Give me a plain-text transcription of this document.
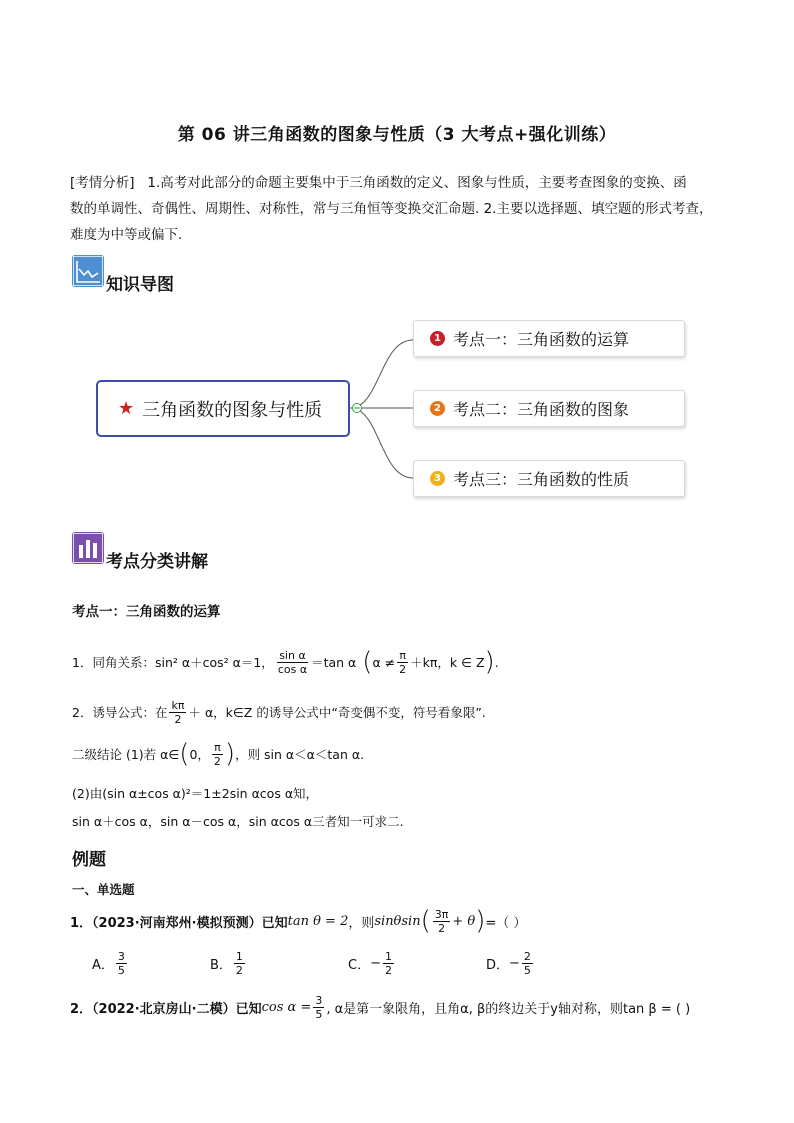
第 06 讲三角函数的图象与性质（3 大考点+强化训练）
[考情分析] 1.高考对此部分的命题主要集中于三角函数的定义、图象与性质，主要考查图象的变换、函
数的单调性、奇偶性、周期性、对称性，常与三角恒等变换交汇命题. 2.主要以选择题、填空题的形式考查，
难度为中等或偏下.
知识导图
★ 三角函数的图象与性质
1 考点一：三角函数的运算
2 考点二：三角函数的图象
3 考点三：三角函数的性质
考点分类讲解
考点一：三角函数的运算
1．同角关系： sin² α＋cos² α＝1， $\frac{\text{sin α}}{\text{cos α}} =\tan$ α ( $\alpha \ne \frac{\pi}{2} +k\pi$，k ∈ Z ) .
2．诱导公式：在 $\frac{k\pi}{2} + \alpha$，k∈Z 的诱导公式中“奇变偶不变，符号看象限”.
二级结论 (1)若 α∈ ( 0， $\frac{\pi}{2}$ ) ，则 sin α＜α＜tan α.
(2)由(sin α±cos α)²＝1±2sin αcos α知，
sin α＋cos α，sin α－cos α，sin αcos α三者知一可求二.
例题
一、单选题
1．（2023·河南郑州·模拟预测）已知 tan θ = 2 ，则 sinθsin ( $\frac{3\pi}{2} + \theta$ ) =（ ）
A． $\frac{3}{5}$	B． $\frac{1}{2}$	C． − $\frac{1}{2}$	D． − $\frac{2}{5}$
2．（2022·北京房山·二模）已知 $\cos \alpha = \frac{3}{5}$ , α是第一象限角，且角α, β的终边关于y轴对称，则tan β = ( )
